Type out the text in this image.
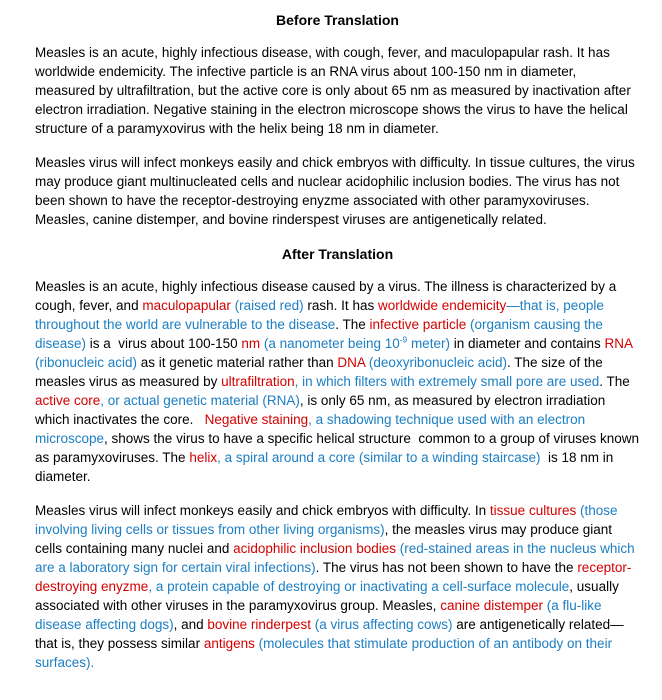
Before Translation

Measles is an acute, highly infectious disease, with cough, fever, and maculopapular rash. It has worldwide endemicity. The infective particle is an RNA virus about 100-150 nm in diameter, measured by ultrafiltration, but the active core is only about 65 nm as measured by inactivation after electron irradiation. Negative staining in the electron microscope shows the virus to have the helical structure of a paramyxovirus with the helix being 18 nm in diameter.

Measles virus will infect monkeys easily and chick embryos with difficulty. In tissue cultures, the virus may produce giant multinucleated cells and nuclear acidophilic inclusion bodies. The virus has not been shown to have the receptor-destroying enyzme associated with other paramyxoviruses. Measles, canine distemper, and bovine rinderspest viruses are antigenetically related.

After Translation

Measles is an acute, highly infectious disease caused by a virus. The illness is characterized by a cough, fever, and maculopapular (raised red) rash. It has worldwide endemicity—that is, people throughout the world are vulnerable to the disease. The infective particle (organism causing the disease) is a  virus about 100-150 nm (a nanometer being $10^{-9}$ meter) in diameter and contains RNA (ribonucleic acid) as it genetic material rather than DNA (deoxyribonucleic acid). The size of the measles virus as measured by ultrafiltration, in which filters with extremely small pore are used. The active core, or actual genetic material (RNA), is only 65 nm, as measured by electron irradiation which inactivates the core.   Negative staining, a shadowing technique used with an electron microscope, shows the virus to have a specific helical structure  common to a group of viruses known as paramyxoviruses. The helix, a spiral around a core (similar to a winding staircase)  is 18 nm in diameter.

Measles virus will infect monkeys easily and chick embryos with difficulty. In tissue cultures (those involving living cells or tissues from other living organisms), the measles virus may produce giant cells containing many nuclei and acidophilic inclusion bodies (red-stained areas in the nucleus which are a laboratory sign for certain viral infections). The virus has not been shown to have the receptor-destroying enyzme, a protein capable of destroying or inactivating a cell-surface molecule, usually associated with other viruses in the paramyxovirus group. Measles, canine distemper (a flu-like disease affecting dogs), and bovine rinderpest (a virus affecting cows) are antigenetically related—that is, they possess similar antigens (molecules that stimulate production of an antibody on their surfaces).
